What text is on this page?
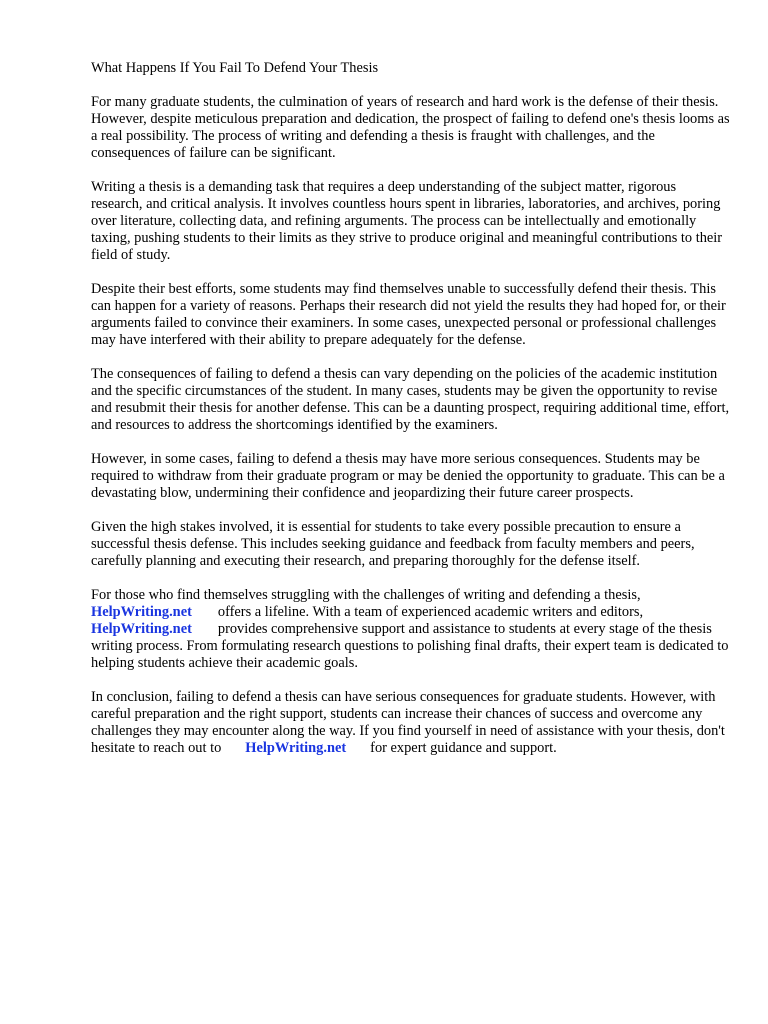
What Happens If You Fail To Defend Your Thesis

For many graduate students, the culmination of years of research and hard work is the defense of their thesis. However, despite meticulous preparation and dedication, the prospect of failing to defend one's thesis looms as a real possibility. The process of writing and defending a thesis is fraught with challenges, and the consequences of failure can be significant.

Writing a thesis is a demanding task that requires a deep understanding of the subject matter, rigorous research, and critical analysis. It involves countless hours spent in libraries, laboratories, and archives, poring over literature, collecting data, and refining arguments. The process can be intellectually and emotionally taxing, pushing students to their limits as they strive to produce original and meaningful contributions to their field of study.

Despite their best efforts, some students may find themselves unable to successfully defend their thesis. This can happen for a variety of reasons. Perhaps their research did not yield the results they had hoped for, or their arguments failed to convince their examiners. In some cases, unexpected personal or professional challenges may have interfered with their ability to prepare adequately for the defense.

The consequences of failing to defend a thesis can vary depending on the policies of the academic institution and the specific circumstances of the student. In many cases, students may be given the opportunity to revise and resubmit their thesis for another defense. This can be a daunting prospect, requiring additional time, effort, and resources to address the shortcomings identified by the examiners.

However, in some cases, failing to defend a thesis may have more serious consequences. Students may be required to withdraw from their graduate program or may be denied the opportunity to graduate. This can be a devastating blow, undermining their confidence and jeopardizing their future career prospects.

Given the high stakes involved, it is essential for students to take every possible precaution to ensure a successful thesis defense. This includes seeking guidance and feedback from faculty members and peers, carefully planning and executing their research, and preparing thoroughly for the defense itself.

For those who find themselves struggling with the challenges of writing and defending a thesis,
HelpWriting.net offers a lifeline. With a team of experienced academic writers and editors,
HelpWriting.net provides comprehensive support and assistance to students at every stage of the thesis writing process. From formulating research questions to polishing final drafts, their expert team is dedicated to helping students achieve their academic goals.

In conclusion, failing to defend a thesis can have serious consequences for graduate students. However, with careful preparation and the right support, students can increase their chances of success and overcome any challenges they may encounter along the way. If you find yourself in need of assistance with your thesis, don't hesitate to reach out to HelpWriting.net for expert guidance and support.
